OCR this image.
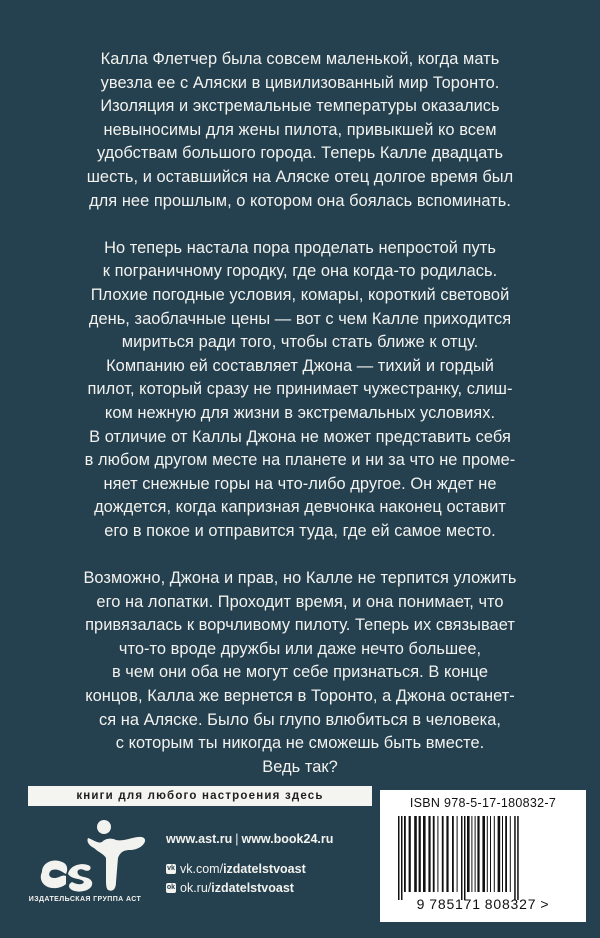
Калла Флетчер была совсем маленькой, когда мать
увезла ее с Аляски в цивилизованный мир Торонто.
Изоляция и экстремальные температуры оказались
невыносимы для жены пилота, привыкшей ко всем
удобствам большого города. Теперь Калле двадцать
шесть, и оставшийся на Аляске отец долгое время был
для нее прошлым, о котором она боялась вспоминать.
Но теперь настала пора проделать непростой путь
к пограничному городку, где она когда-то родилась.
Плохие погодные условия, комары, короткий световой
день, заоблачные цены — вот с чем Калле приходится
мириться ради того, чтобы стать ближе к отцу.
Компанию ей составляет Джона — тихий и гордый
пилот, который сразу не принимает чужестранку, слиш-
ком нежную для жизни в экстремальных условиях.
В отличие от Каллы Джона не может представить себя
в любом другом месте на планете и ни за что не проме-
няет снежные горы на что-либо другое. Он ждет не
дождется, когда капризная девчонка наконец оставит
его в покое и отправится туда, где ей самое место.
Возможно, Джона и прав, но Калле не терпится уложить
его на лопатки. Проходит время, и она понимает, что
привязалась к ворчливому пилоту. Теперь их связывает
что-то вроде дружбы или даже нечто большее,
в чем они оба не могут себе признаться. В конце
концов, Калла же вернется в Торонто, а Джона останет-
ся на Аляске. Было бы глупо влюбиться в человека,
с которым ты никогда не сможешь быть вместе.
Ведь так?
книги для любого настроения здесь
ИЗДАТЕЛЬСКАЯ ГРУППА АСТ
www.ast.ru | www.book24.ru
vk vk.com/ izdatelstvoast
ok ok.ru/ izdatelstvoast
ISBN 978-5-17-180832-7
9 785171 808327 >
